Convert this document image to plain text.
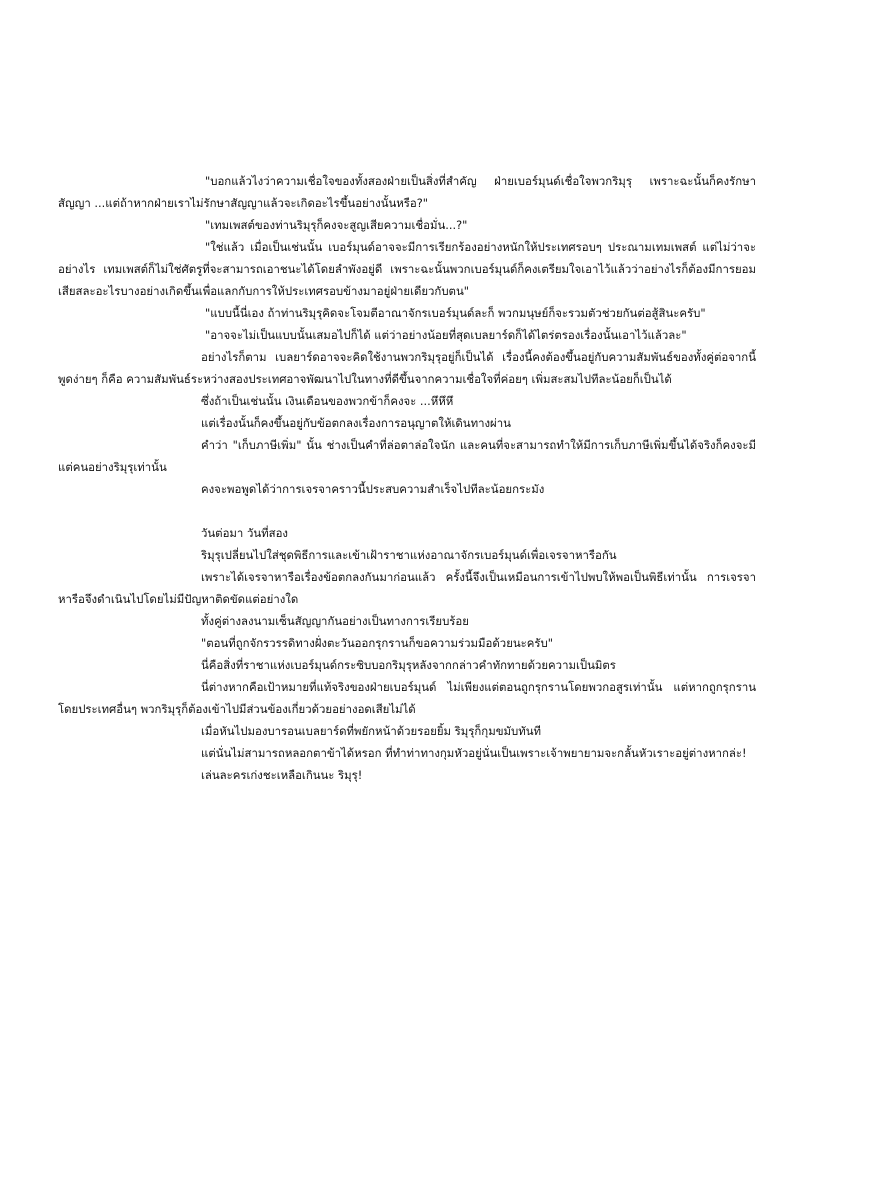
"บอกแล้วไงว่าความเชื่อใจของทั้งสองฝ่ายเป็นสิ่งที่สำคัญ ฝ่ายเบอร์มุนด์เชื่อใจพวกริมุรุ เพราะฉะนั้นก็คงรักษาสัญญา ...แต่ถ้าหากฝ่ายเราไม่รักษาสัญญาแล้วจะเกิดอะไรขึ้นอย่างนั้นหรือ?"

"เทมเพสต์ของท่านริมุรุก็คงจะสูญเสียความเชื่อมั่น...?"

"ใช่แล้ว เมื่อเป็นเช่นนั้น เบอร์มุนด์อาจจะมีการเรียกร้องอย่างหนักให้ประเทศรอบๆ ประณามเทมเพสต์ แต่ไม่ว่าจะอย่างไร เทมเพสต์ก็ไม่ใช่ศัตรูที่จะสามารถเอาชนะได้โดยลำพังอยู่ดี เพราะฉะนั้นพวกเบอร์มุนด์ก็คงเตรียมใจเอาไว้แล้วว่าอย่างไรก็ต้องมีการยอมเสียสละอะไรบางอย่างเกิดขึ้นเพื่อแลกกับการให้ประเทศรอบข้างมาอยู่ฝ่ายเดียวกับตน"

"แบบนี้นี่เอง ถ้าท่านริมุรุคิดจะโจมตีอาณาจักรเบอร์มุนด์ละก็ พวกมนุษย์ก็จะรวมตัวช่วยกันต่อสู้สินะครับ"

"อาจจะไม่เป็นแบบนั้นเสมอไปก็ได้ แต่ว่าอย่างน้อยที่สุดเบลยาร์ดก็ได้ไตร่ตรองเรื่องนั้นเอาไว้แล้วละ"

อย่างไรก็ตาม เบลยาร์ดอาจจะคิดใช้งานพวกริมุรุอยู่ก็เป็นได้ เรื่องนี้คงต้องขึ้นอยู่กับความสัมพันธ์ของทั้งคู่ต่อจากนี้ พูดง่ายๆ ก็คือ ความสัมพันธ์ระหว่างสองประเทศอาจพัฒนาไปในทางที่ดีขึ้นจากความเชื่อใจที่ค่อยๆ เพิ่มสะสมไปทีละน้อยก็เป็นได้

ซึ่งถ้าเป็นเช่นนั้น เงินเดือนของพวกข้าก็คงจะ ...หึหึหึ

แต่เรื่องนั้นก็คงขึ้นอยู่กับข้อตกลงเรื่องการอนุญาตให้เดินทางผ่าน

คำว่า "เก็บภาษีเพิ่ม" นั้น ช่างเป็นคำที่ล่อตาล่อใจนัก และคนที่จะสามารถทำให้มีการเก็บภาษีเพิ่มขึ้นได้จริงก็คงจะมีแต่คนอย่างริมุรุเท่านั้น

คงจะพอพูดได้ว่าการเจรจาคราวนี้ประสบความสำเร็จไปทีละน้อยกระมัง

วันต่อมา วันที่สอง

ริมุรุเปลี่ยนไปใส่ชุดพิธีการและเข้าเฝ้าราชาแห่งอาณาจักรเบอร์มุนด์เพื่อเจรจาหารือกัน

เพราะได้เจรจาหารือเรื่องข้อตกลงกันมาก่อนแล้ว ครั้งนี้จึงเป็นเหมือนการเข้าไปพบให้พอเป็นพิธีเท่านั้น การเจรจาหารือจึงดำเนินไปโดยไม่มีปัญหาติดขัดแต่อย่างใด

ทั้งคู่ต่างลงนามเซ็นสัญญากันอย่างเป็นทางการเรียบร้อย

"ตอนที่ถูกจักรวรรดิทางฝั่งตะวันออกรุกรานก็ขอความร่วมมือด้วยนะครับ"

นี่คือสิ่งที่ราชาแห่งเบอร์มุนด์กระซิบบอกริมุรุหลังจากกล่าวคำทักทายด้วยความเป็นมิตร

นี่ต่างหากคือเป้าหมายที่แท้จริงของฝ่ายเบอร์มุนด์ ไม่เพียงแต่ตอนถูกรุกรานโดยพวกอสูรเท่านั้น แต่หากถูกรุกรานโดยประเทศอื่นๆ พวกริมุรุก็ต้องเข้าไปมีส่วนข้องเกี่ยวด้วยอย่างอดเสียไม่ได้

เมื่อหันไปมองบารอนเบลยาร์ดที่พยักหน้าด้วยรอยยิ้ม ริมุรุก็กุมขมับทันที

แต่นั่นไม่สามารถหลอกตาข้าได้หรอก ที่ทำท่าทางกุมหัวอยู่นั่นเป็นเพราะเจ้าพยายามจะกลั้นหัวเราะอยู่ต่างหากล่ะ!

เล่นละครเก่งชะเหลือเกินนะ ริมุรุ!
